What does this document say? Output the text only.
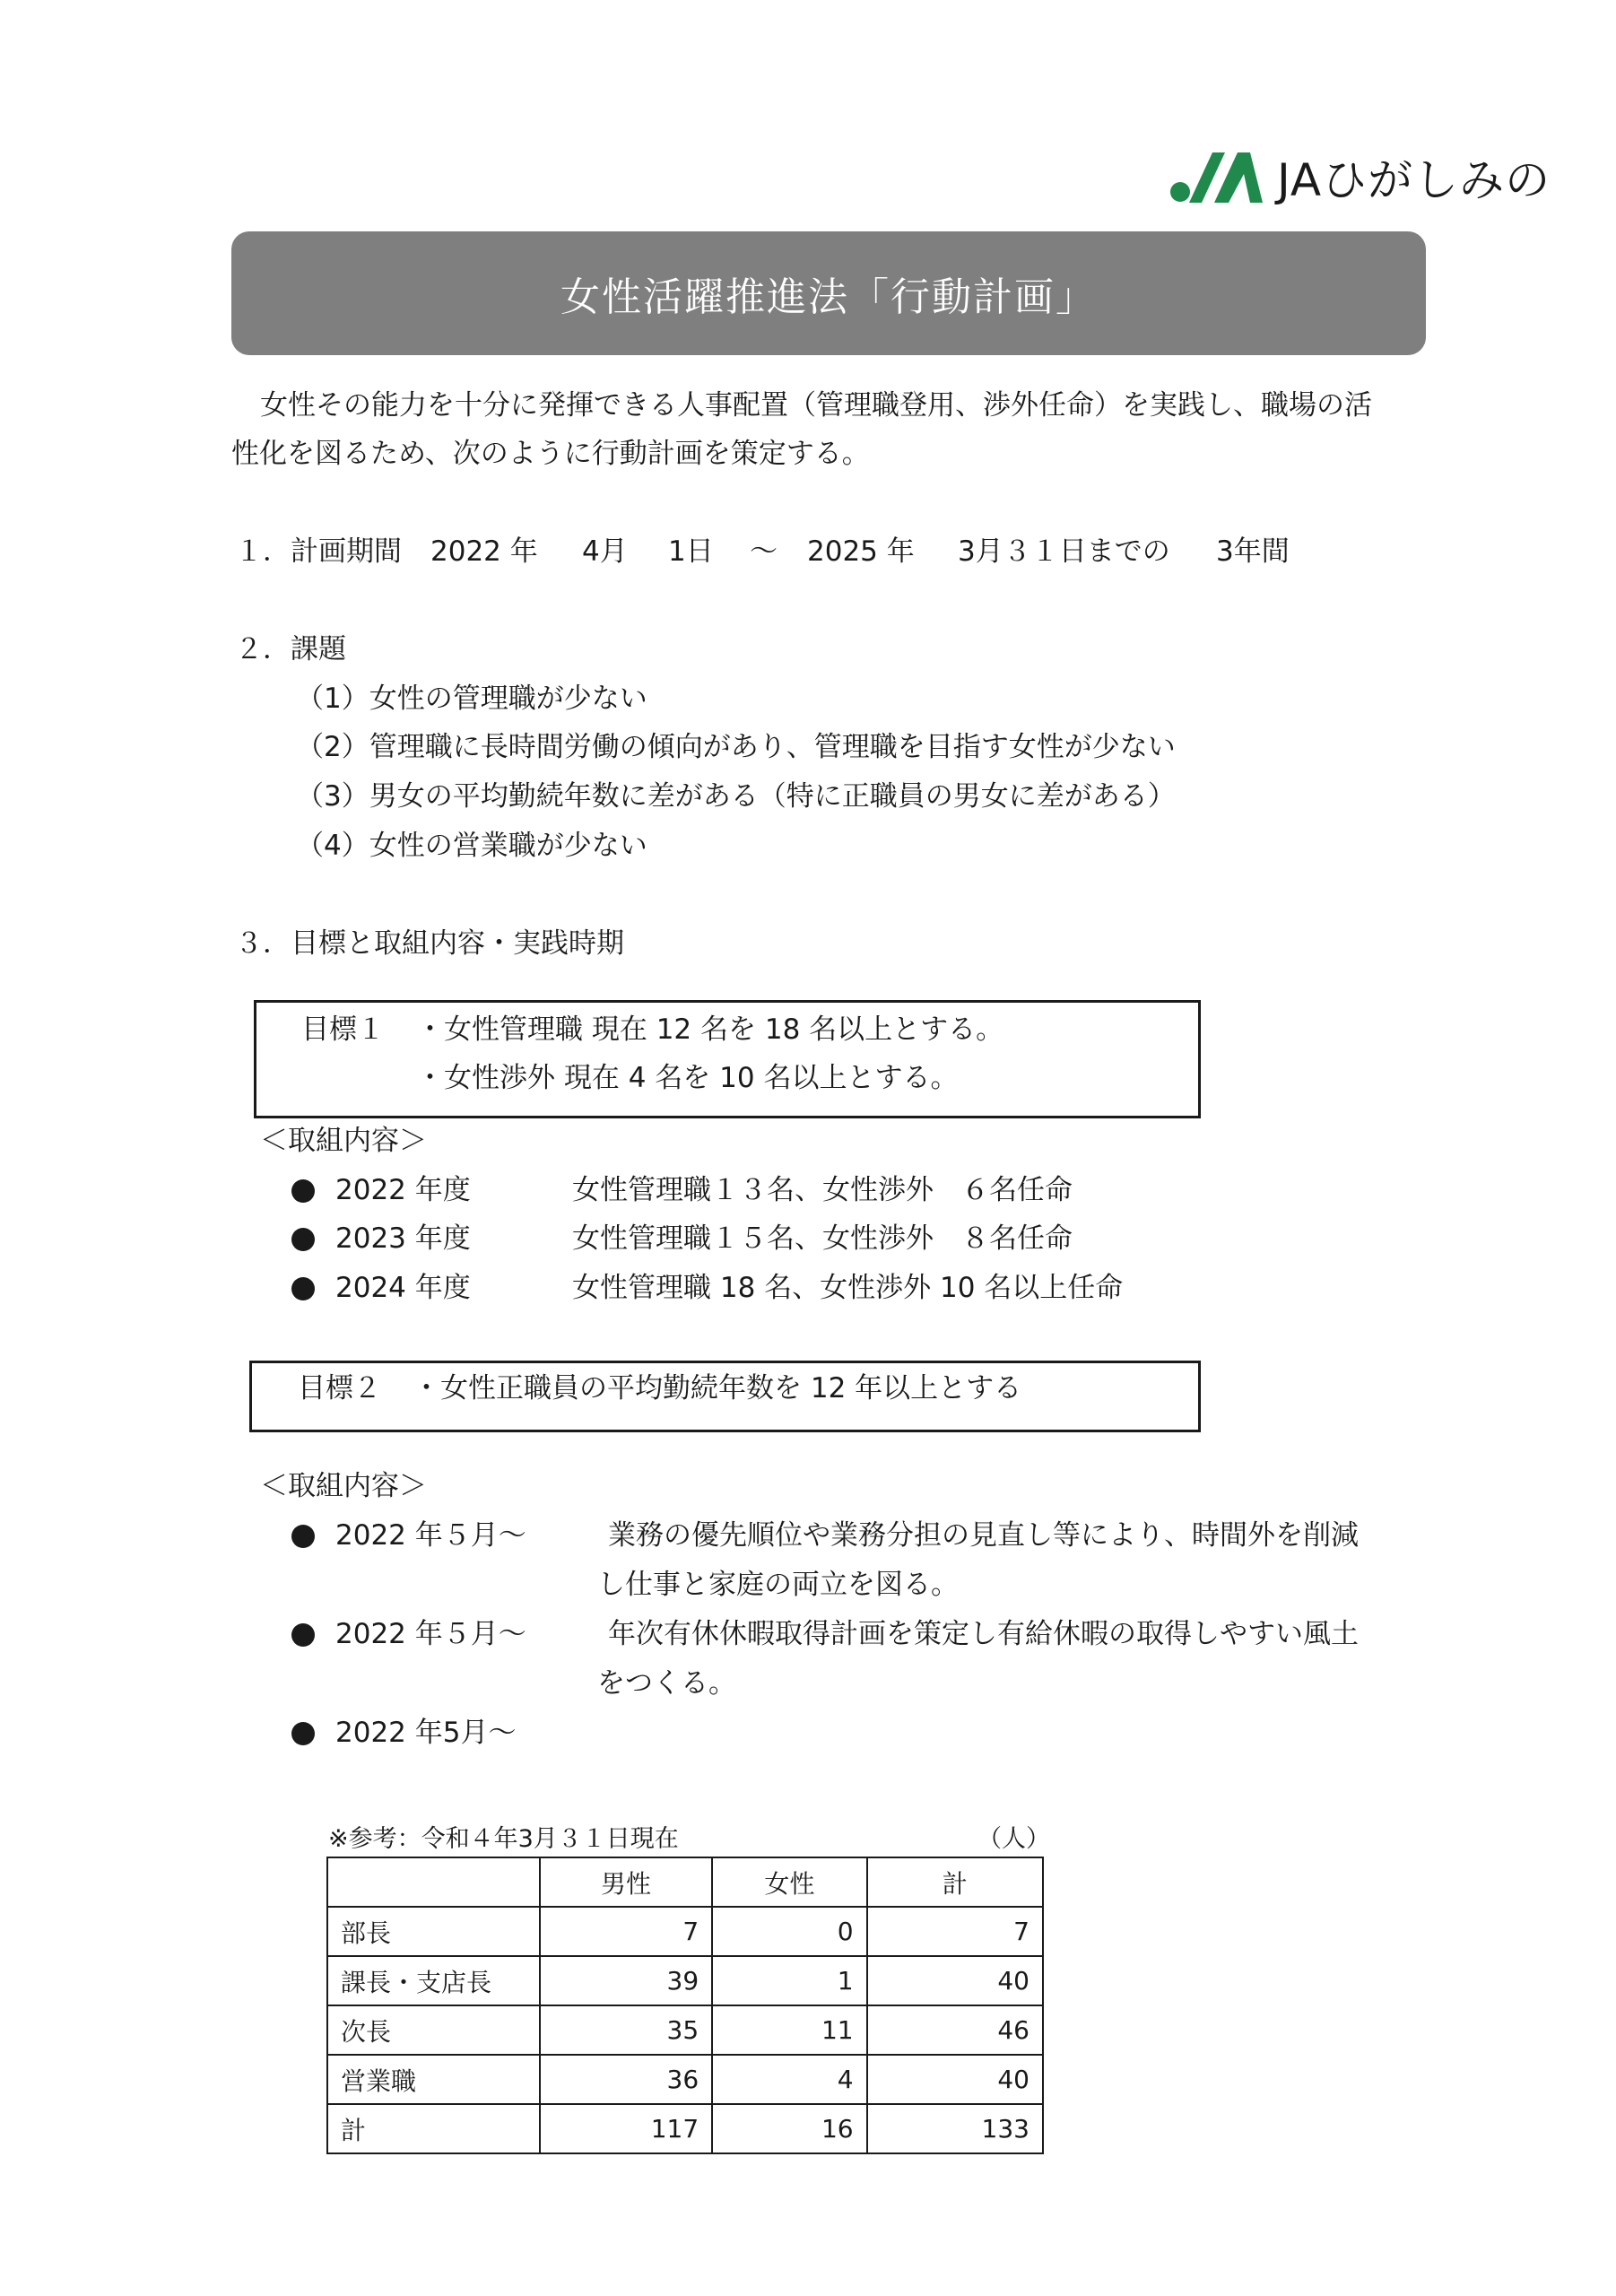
JAひがしみの
女性活躍推進法「行動計画」
女性その能力を十分に発揮できる人事配置（管理職登用、渉外任命）を実践し、職場の活
性化を図るため、次のように行動計画を策定する。
１．計画期間 2022 年 4月 1日 ～ 2025 年 3月３１日までの 3年間
２．課題
（1）女性の管理職が少ない
（2）管理職に長時間労働の傾向があり、管理職を目指す女性が少ない
（3）男女の平均勤続年数に差がある（特に正職員の男女に差がある）
（4）女性の営業職が少ない
３．目標と取組内容・実践時期
目標１ ・女性管理職 現在 12 名を 18 名以上とする。
・女性渉外 現在 4 名を 10 名以上とする。
＜取組内容＞
2022 年度	女性管理職１３名、女性渉外　６名任命
2023 年度	女性管理職１５名、女性渉外　８名任命
2024 年度	女性管理職 18 名、女性渉外 10 名以上任命
目標２ ・女性正職員の平均勤続年数を 12 年以上とする
＜取組内容＞
2022 年５月～	業務の優先順位や業務分担の見直し等により、時間外を削減
し仕事と家庭の両立を図る。
2022 年５月～	年次有休休暇取得計画を策定し有給休暇の取得しやすい風土
をつくる。
2022 年5月～
※参考：令和４年3月３１日現在	（人）
	男性	女性	計
部長	7	0	7
課長・支店長	39	1	40
次長	35	11	46
営業職	36	4	40
計	117	16	133
